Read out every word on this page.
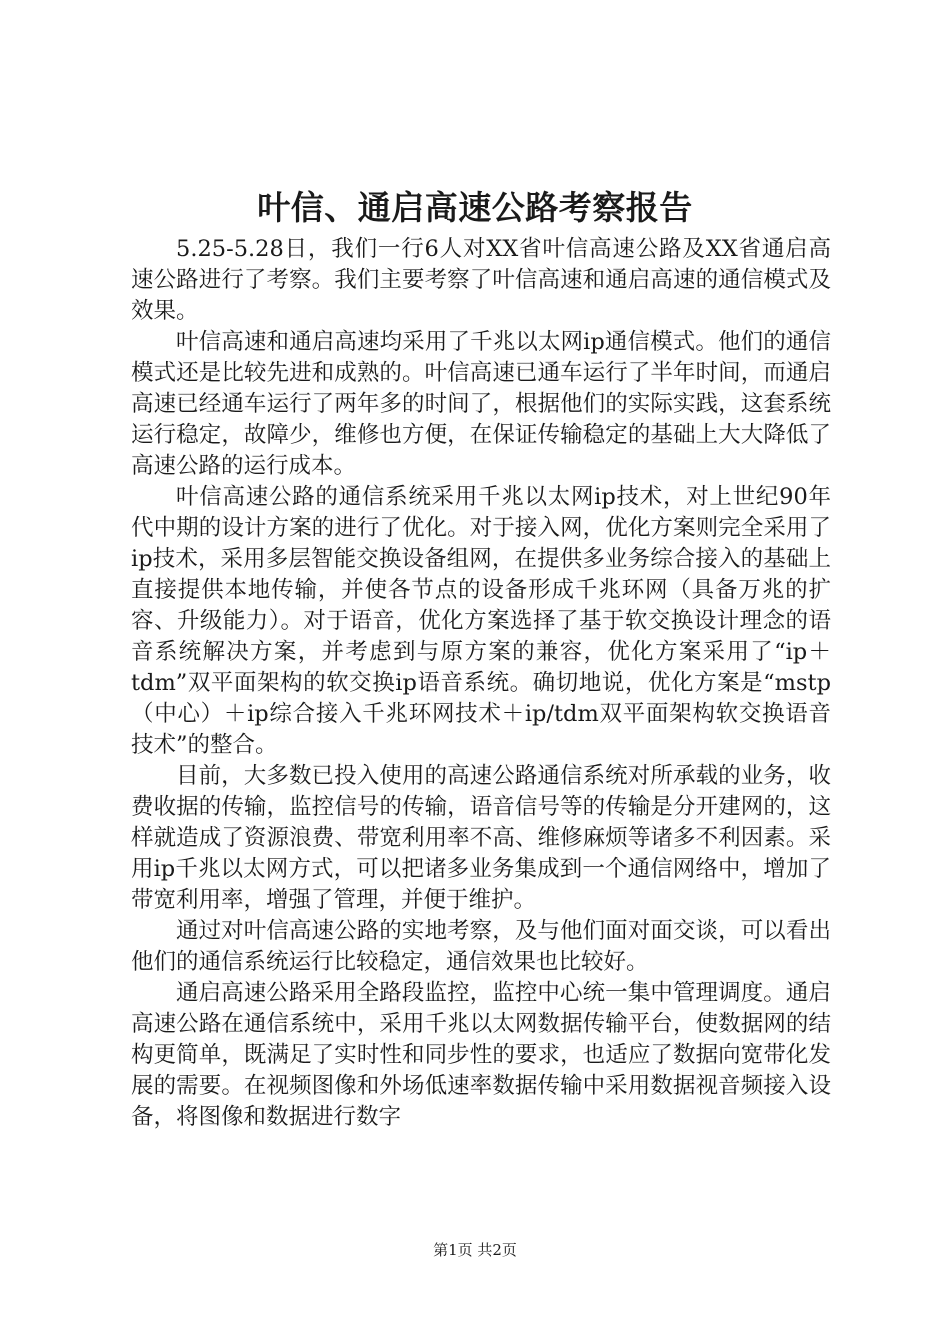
叶信、通启高速公路考察报告

5.25-5.28日，我们一行6人对XX省叶信高速公路及XX省通启高速公路进行了考察。我们主要考察了叶信高速和通启高速的通信模式及效果。

叶信高速和通启高速均采用了千兆以太网ip通信模式。他们的通信模式还是比较先进和成熟的。叶信高速已通车运行了半年时间，而通启高速已经通车运行了两年多的时间了，根据他们的实际实践，这套系统运行稳定，故障少，维修也方便，在保证传输稳定的基础上大大降低了高速公路的运行成本。

叶信高速公路的通信系统采用千兆以太网ip技术，对上世纪90年代中期的设计方案的进行了优化。对于接入网，优化方案则完全采用了ip技术，采用多层智能交换设备组网，在提供多业务综合接入的基础上直接提供本地传输，并使各节点的设备形成千兆环网（具备万兆的扩容、升级能力）。对于语音，优化方案选择了基于软交换设计理念的语音系统解决方案，并考虑到与原方案的兼容，优化方案采用了“ip＋tdm”双平面架构的软交换ip语音系统。确切地说，优化方案是“mstp（中心）＋ip综合接入千兆环网技术＋ip/tdm双平面架构软交换语音技术”的整合。

目前，大多数已投入使用的高速公路通信系统对所承载的业务，收费收据的传输，监控信号的传输，语音信号等的传输是分开建网的，这样就造成了资源浪费、带宽利用率不高、维修麻烦等诸多不利因素。采用ip千兆以太网方式，可以把诸多业务集成到一个通信网络中，增加了带宽利用率，增强了管理，并便于维护。

通过对叶信高速公路的实地考察，及与他们面对面交谈，可以看出他们的通信系统运行比较稳定，通信效果也比较好。

通启高速公路采用全路段监控，监控中心统一集中管理调度。通启高速公路在通信系统中，采用千兆以太网数据传输平台，使数据网的结构更简单，既满足了实时性和同步性的要求，也适应了数据向宽带化发展的需要。在视频图像和外场低速率数据传输中采用数据视音频接入设备，将图像和数据进行数字

第1页 共2页
